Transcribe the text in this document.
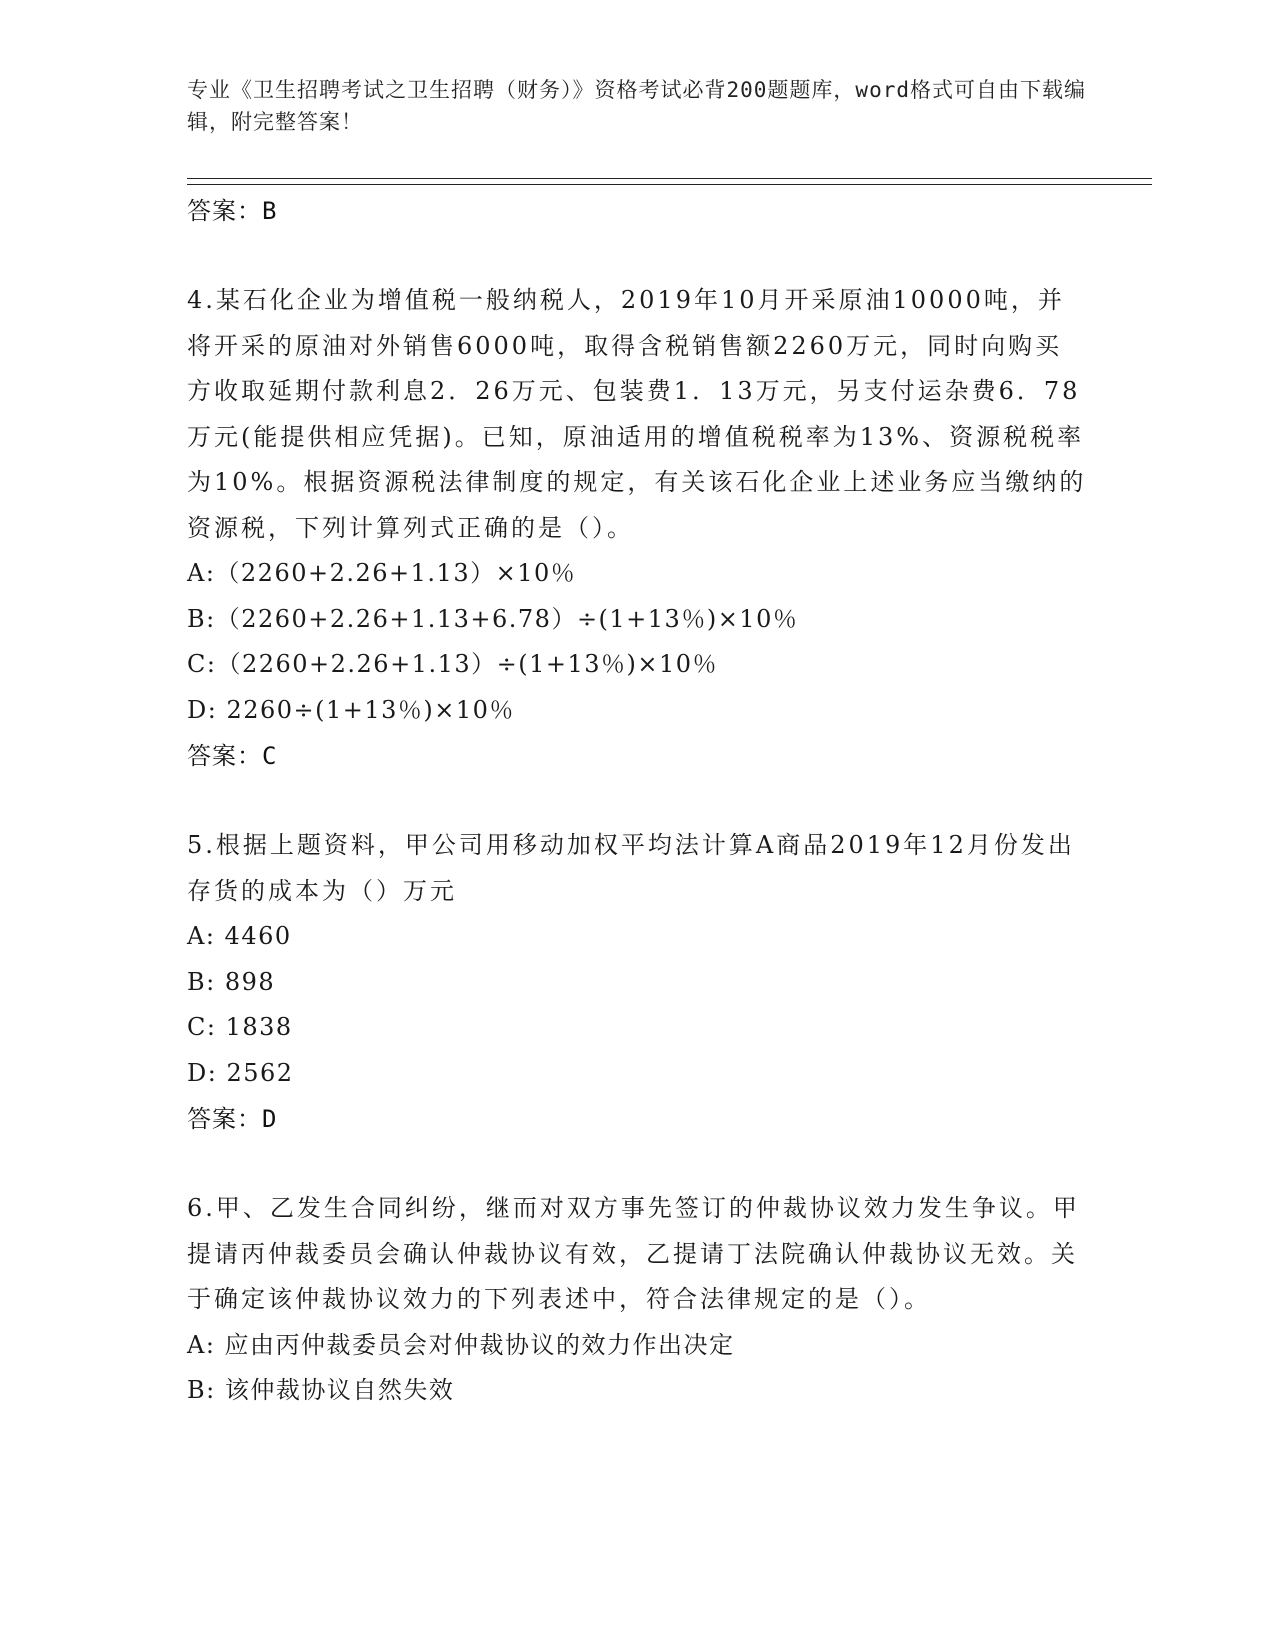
专业《卫生招聘考试之卫生招聘（财务）》资格考试必背200题题库，word格式可自由下载编辑，附完整答案！
答案：B
4.某石化企业为增值税一般纳税人，2019年10月开采原油10000吨，并将开采的原油对外销售6000吨，取得含税销售额2260万元，同时向购买方收取延期付款利息2．26万元、包装费1．13万元，另支付运杂费6．78万元(能提供相应凭据)。已知，原油适用的增值税税率为13%、资源税税率为10%。根据资源税法律制度的规定，有关该石化企业上述业务应当缴纳的资源税，下列计算列式正确的是（）。
A:（2260+2.26+1.13）×10％
B:（2260+2.26+1.13+6.78）÷(1+13％)×10％
C:（2260+2.26+1.13）÷(1+13％)×10％
D: 2260÷(1+13％)×10％
答案：C
5.根据上题资料，甲公司用移动加权平均法计算A商品2019年12月份发出存货的成本为（）万元
A: 4460
B: 898
C: 1838
D: 2562
答案：D
6.甲、乙发生合同纠纷，继而对双方事先签订的仲裁协议效力发生争议。甲提请丙仲裁委员会确认仲裁协议有效，乙提请丁法院确认仲裁协议无效。关于确定该仲裁协议效力的下列表述中，符合法律规定的是（）。
A: 应由丙仲裁委员会对仲裁协议的效力作出决定
B: 该仲裁协议自然失效
